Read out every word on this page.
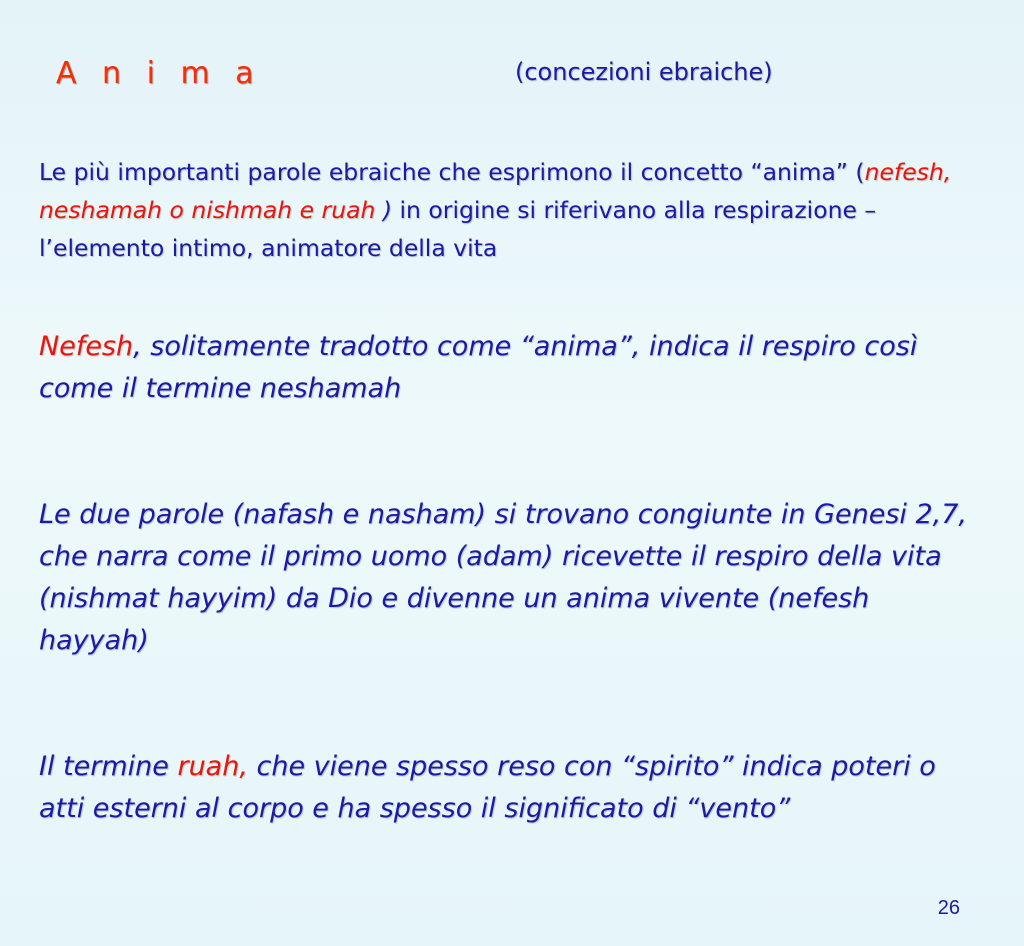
A n i m a	(concezioni ebraiche)
Le più importanti parole ebraiche che esprimono il concetto “anima” (nefesh, neshamah o nishmah e ruah ) in origine si riferivano alla respirazione – l’elemento intimo, animatore della vita
Nefesh, solitamente tradotto come “anima”, indica il respiro così come il termine neshamah
Le due parole (nafash e nasham) si trovano congiunte in Genesi 2,7, che narra come il primo uomo (adam) ricevette il respiro della vita (nishmat hayyim) da Dio e divenne un anima vivente (nefesh hayyah)
Il termine ruah, che viene spesso reso con “spirito” indica poteri o atti esterni al corpo e ha spesso il significato di “vento”
26
